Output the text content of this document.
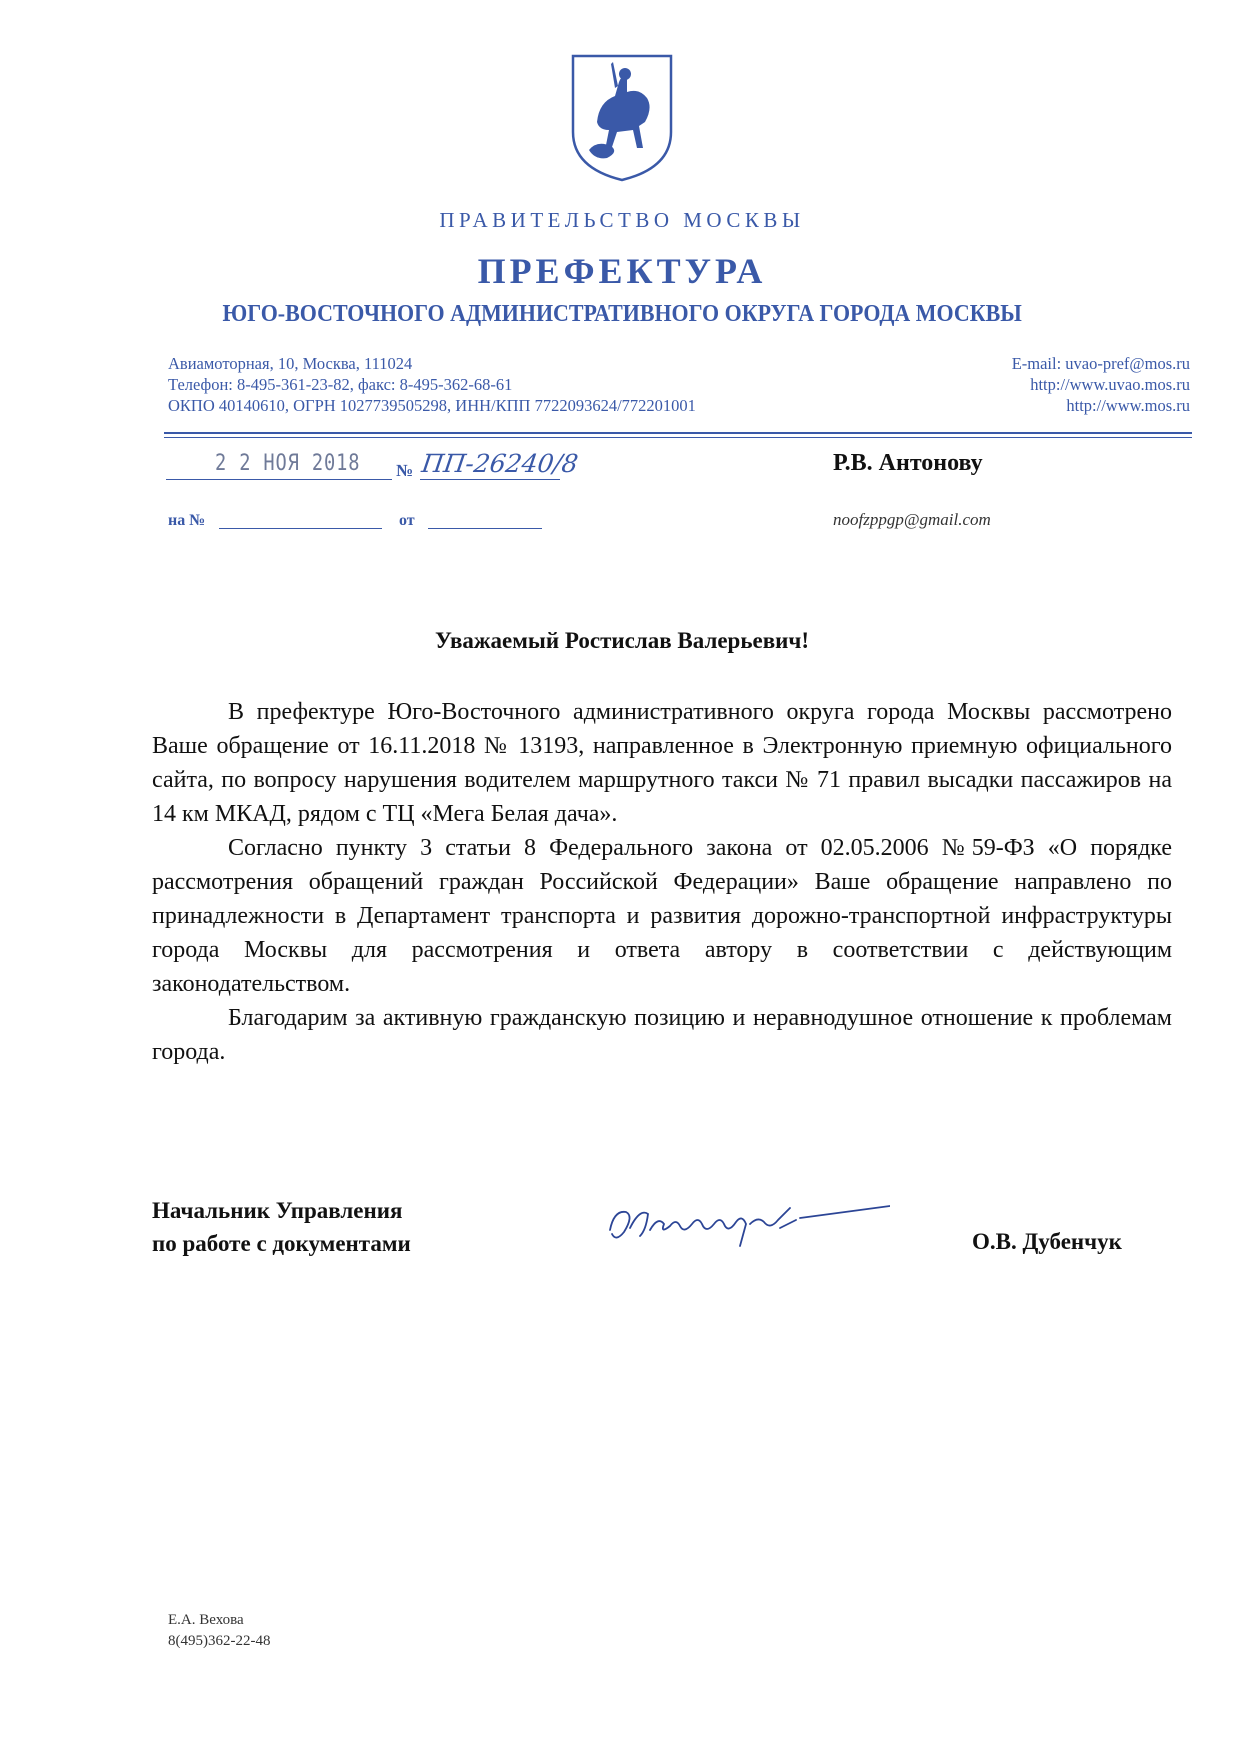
ПРАВИТЕЛЬСТВО МОСКВЫ
ПРЕФЕКТУРА
ЮГО-ВОСТОЧНОГО АДМИНИСТРАТИВНОГО ОКРУГА ГОРОДА МОСКВЫ
Авиамоторная, 10, Москва, 111024
Телефон: 8-495-361-23-82, факс: 8-495-362-68-61
ОКПО 40140610, ОГРН 1027739505298, ИНН/КПП 7722093624/772201001
E-mail: uvao-pref@mos.ru
http://www.uvao.mos.ru
http://www.mos.ru
2 2 НОЯ 2018 № ПП-26240/8
на №	от
Р.В. Антонову
noofzppgp@gmail.com
Уважаемый Ростислав Валерьевич!

В префектуре Юго-Восточного административного округа города Москвы рассмотрено Ваше обращение от 16.11.2018 № 13193, направленное в Электронную приемную официального сайта, по вопросу нарушения водителем маршрутного такси № 71 правил высадки пассажиров на 14 км МКАД, рядом с ТЦ «Мега Белая дача».

Согласно пункту 3 статьи 8 Федерального закона от 02.05.2006 №59-ФЗ «О порядке рассмотрения обращений граждан Российской Федерации» Ваше обращение направлено по принадлежности в Департамент транспорта и развития дорожно-транспортной инфраструктуры города Москвы для рассмотрения и ответа автору в соответствии с действующим законодательством.

Благодарим за активную гражданскую позицию и неравнодушное отношение к проблемам города.

Начальник Управления
по работе с документами	О.В. Дубенчук
Е.А. Вехова
8(495)362-22-48
